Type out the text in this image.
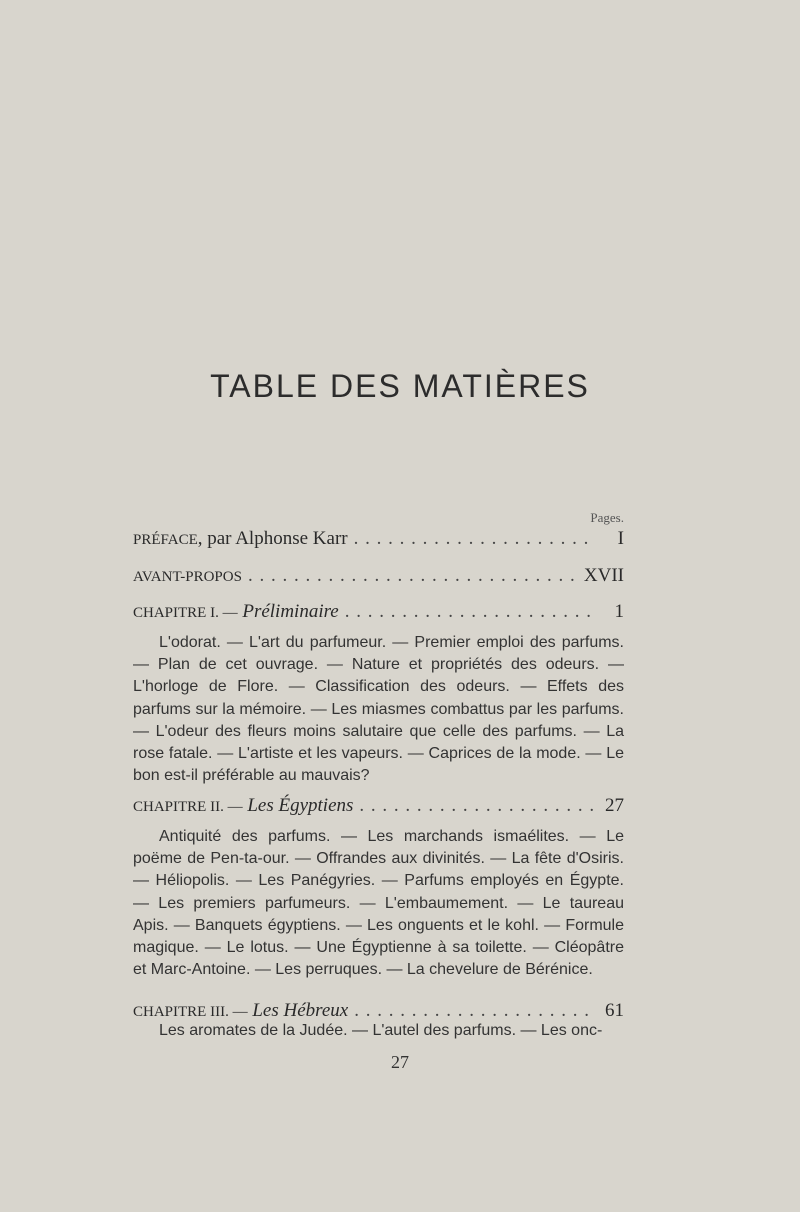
TABLE DES MATIÈRES
Pages.
PRÉFACE, par Alphonse Karr . . .	I
AVANT-PROPOS . . .	XVII
CHAPITRE I. — Préliminaire . . .	1

L'odorat. — L'art du parfumeur. — Premier emploi des parfums. — Plan de cet ouvrage. — Nature et propriétés des odeurs. — L'horloge de Flore. — Classification des odeurs. — Effets des parfums sur la mémoire. — Les miasmes combattus par les parfums. — L'odeur des fleurs moins salutaire que celle des parfums. — La rose fatale. — L'artiste et les vapeurs. — Caprices de la mode. — Le bon est-il préférable au mauvais?

CHAPITRE II. — Les Égyptiens . . .	27

Antiquité des parfums. — Les marchands ismaélites. — Le poëme de Pen-ta-our. — Offrandes aux divinités. — La fête d'Osiris. — Héliopolis. — Les Panégyries. — Parfums employés en Égypte. — Les premiers parfumeurs. — L'embaumement. — Le taureau Apis. — Banquets égyptiens. — Les onguents et le kohl. — Formule magique. — Le lotus. — Une Égyptienne à sa toilette. — Cléopâtre et Marc-Antoine. — Les perruques. — La chevelure de Bérénice.

CHAPITRE III. — Les Hébreux . . .	61

Les aromates de la Judée. — L'autel des parfums. — Les onc-

27
